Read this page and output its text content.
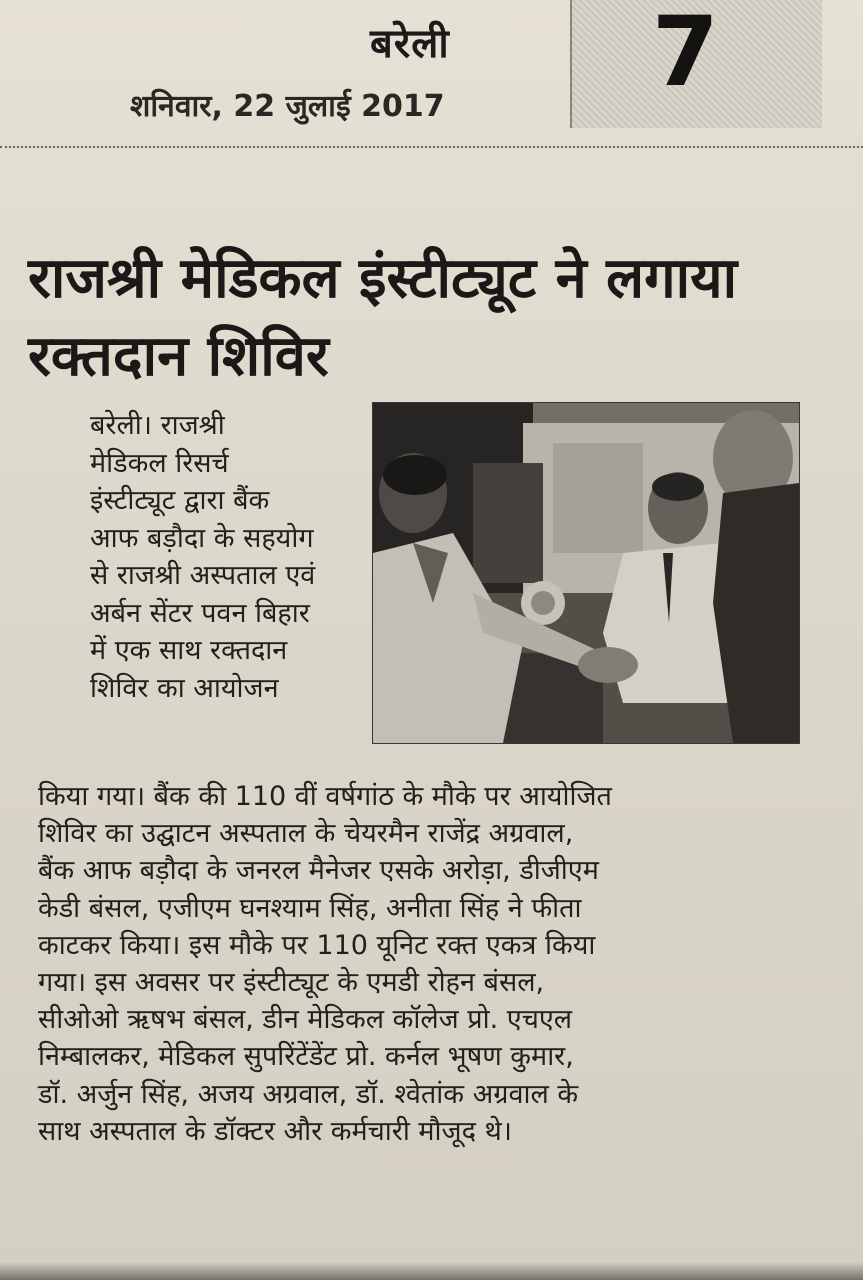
बरेली
शनिवार, 22 जुलाई 2017 7
राजश्री मेडिकल इंस्टीट्यूट ने लगाया
रक्तदान शिविर
बरेली। राजश्री
मेडिकल रिसर्च
इंस्टीट्यूट द्वारा बैंक
आफ बड़ौदा के सहयोग
से राजश्री अस्पताल एवं
अर्बन सेंटर पवन बिहार
में एक साथ रक्तदान
शिविर का आयोजन
किया गया। बैंक की 110 वीं वर्षगांठ के मौके पर आयोजित
शिविर का उद्घाटन अस्पताल के चेयरमैन राजेंद्र अग्रवाल,
बैंक आफ बड़ौदा के जनरल मैनेजर एसके अरोड़ा, डीजीएम
केडी बंसल, एजीएम घनश्याम सिंह, अनीता सिंह ने फीता
काटकर किया। इस मौके पर 110 यूनिट रक्त एकत्र किया
गया। इस अवसर पर इंस्टीट्यूट के एमडी रोहन बंसल,
सीओओ ऋषभ बंसल, डीन मेडिकल कॉलेज प्रो. एचएल
निम्बालकर, मेडिकल सुपरिंटेंडेंट प्रो. कर्नल भूषण कुमार,
डॉ. अर्जुन सिंह, अजय अग्रवाल, डॉ. श्वेतांक अग्रवाल के
साथ अस्पताल के डॉक्टर और कर्मचारी मौजूद थे।
